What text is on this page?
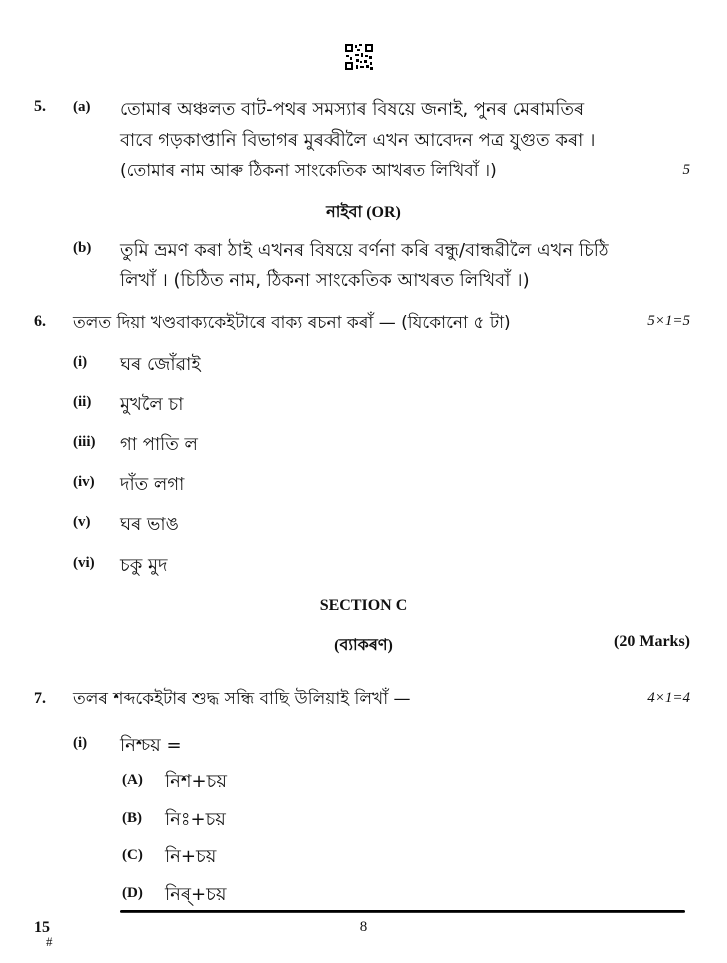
5. (a) তোমাৰ অঞ্চলত বাট-পথৰ সমস্যাৰ বিষয়ে জনাই, পুনৰ মেৰামতিৰ
বাবে গড়কাপ্তানি বিভাগৰ মুৰব্বীলৈ এখন আবেদন পত্ৰ যুগুত কৰা ।
(তোমাৰ নাম আৰু ঠিকনা সাংকেতিক আখৰত লিখিবাঁ ।)	5
নাইবা (OR)
(b) তুমি ভ্ৰমণ কৰা ঠাই এখনৰ বিষয়ে বৰ্ণনা কৰি বন্ধু/বান্ধৱীলৈ এখন চিঠি
লিখাঁ । (চিঠিত নাম, ঠিকনা সাংকেতিক আখৰত লিখিবাঁ ।)
6. তলত দিয়া খণ্ডবাক্যকেইটাৰে বাক্য ৰচনা কৰাঁ — (যিকোনো ৫ টা)	5×1=5
(i) ঘৰ জোঁৱাই
(ii) মুখলৈ চা
(iii) গা পাতি ল
(iv) দাঁত লগা
(v) ঘৰ ভাঙ
(vi) চকু মুদ
SECTION C
(ব্যাকৰণ)	(20 Marks)
7. তলৰ শব্দকেইটাৰ শুদ্ধ সন্ধি বাছি উলিয়াই লিখাঁ —	4×1=4
(i) নিশ্চয় =
(A) নিশ+চয়
(B) নিঃ+চয়
(C) নি+চয়
(D) নিৰ্+চয়
15
#
8
